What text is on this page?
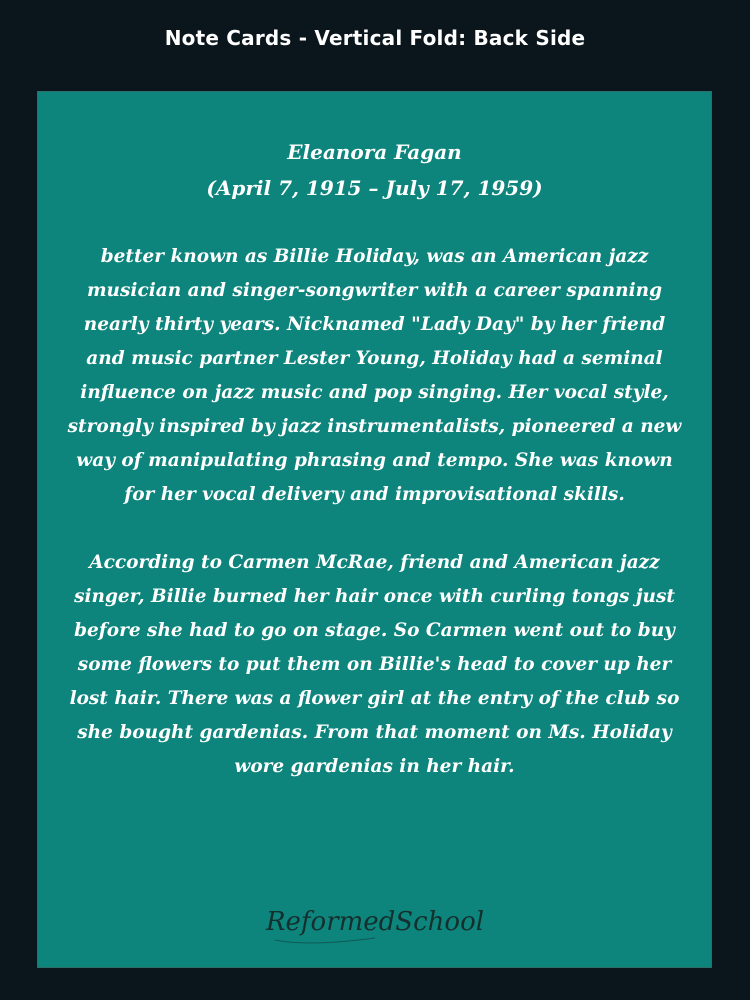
Note Cards - Vertical Fold: Back Side

Eleanora Fagan

(April 7, 1915 – July 17, 1959)

better known as Billie Holiday, was an American jazz musician and singer-songwriter with a career spanning nearly thirty years. Nicknamed "Lady Day" by her friend and music partner Lester Young, Holiday had a seminal influence on jazz music and pop singing. Her vocal style, strongly inspired by jazz instrumentalists, pioneered a new way of manipulating phrasing and tempo. She was known for her vocal delivery and improvisational skills.

According to Carmen McRae, friend and American jazz singer, Billie burned her hair once with curling tongs just before she had to go on stage. So Carmen went out to buy some flowers to put them on Billie's head to cover up her lost hair. There was a flower girl at the entry of the club so she bought gardenias. From that moment on Ms. Holiday wore gardenias in her hair.

ReformedSchool
